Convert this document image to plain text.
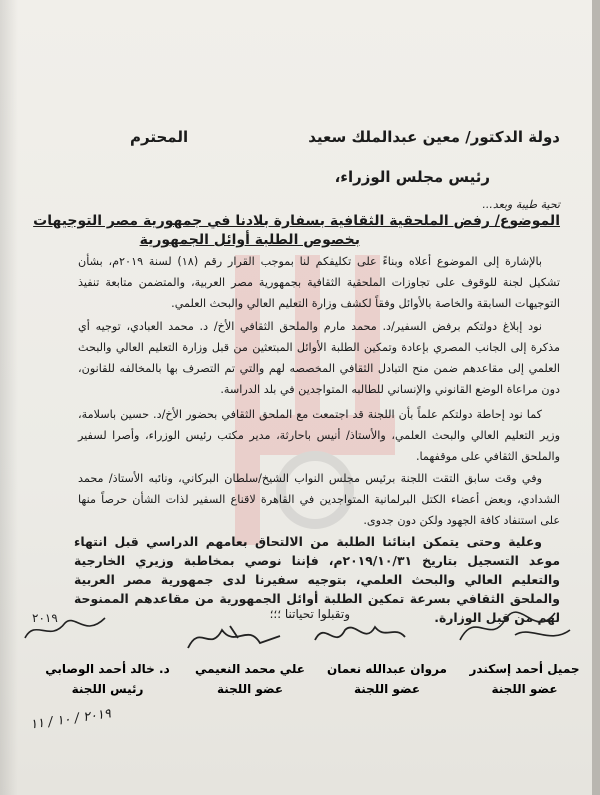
دولة الدكتور/ معين عبدالملك سعيد
المحترم
رئيس مجلس الوزراء،
تحية طيبة وبعد...
الموضوع/ رفض الملحقية الثقافية بسفارة بلادنا في جمهورية مصر التوجيهات
بخصوص الطلبة أوائل الجمهورية
بالإشارة إلى الموضوع أعلاه وبناءً على تكليفكم لنا بموجب القرار رقم (١٨) لسنة ٢٠١٩م، بشأن تشكيل لجنة للوقوف على تجاوزات الملحقية الثقافية بجمهورية مصر العربية، والمتضمن متابعة تنفيذ التوجيهات السابقة والخاصة بالأوائل وفقاً لكشف وزارة التعليم العالي والبحث العلمي.
نود إبلاغ دولتكم برفض السفير/د. محمد مارم والملحق الثقافي الأخ/ د. محمد العبادي، توجيه أي مذكرة إلى الجانب المصري بإعادة وتمكين الطلبة الأوائل المبتعثين من قبل وزارة التعليم العالي والبحث العلمي إلى مقاعدهم ضمن منح التبادل الثقافي المخصصه لهم والتي تم التصرف بها بالمخالفه للقانون، دون مراعاة الوضع القانوني والإنساني للطالبه المتواجدين في بلد الدراسة.
كما نود إحاطة دولتكم علماً بأن اللجنة قد اجتمعت مع الملحق الثقافي بحضور الأخ/د. حسين باسلامة، وزير التعليم العالي والبحث العلمي، والأستاذ/ أنيس باحارثة، مدير مكتب رئيس الوزراء، وأصرا لسفير والملحق الثقافي على موقفهما.
وفي وقت سابق التقت اللجنة برئيس مجلس النواب الشيخ/سلطان البركاني، ونائبه الأستاذ/ محمد الشدادي، وبعض أعضاء الكتل البرلمانية المتواجدين في القاهرة لاقناع السفير لذات الشأن حرصاً منها على استنفاد كافة الجهود ولكن دون جدوى.
وعلية وحتى يتمكن ابنائنا الطلبة من الالتحاق بعامهم الدراسي قبل انتهاء موعد التسجيل بتاريخ ٢٠١٩/١٠/٣١م، فإننا نوصي بمخاطبة وزيري الخارجية والتعليم العالي والبحث العلمي، بتوجيه سفيرنا لدى جمهورية مصر العربية والملحق الثقافي بسرعة تمكين الطلبة أوائل الجمهورية من مقاعدهم الممنوحة لهم من قبل الوزارة.
وتقبلوا تحياتنا ؛؛؛
٢٠١٩
جميل أحمد إسكندر
عضو اللجنة
مروان عبدالله نعمان
عضو اللجنة
علي محمد النعيمي
عضو اللجنة
د. خالد أحمد الوصابي
رئيس اللجنة
٢٠١٩ / ١٠ / ١١
